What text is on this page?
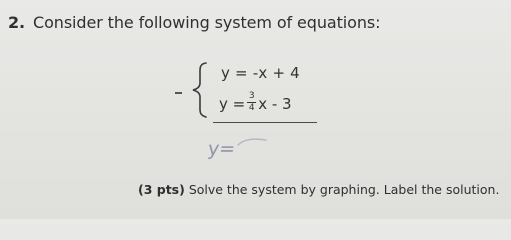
2. Consider the following system of equations:
y = -x + 4
$y = \frac{3}{4}$ x - 3
y=
(3 pts) Solve the system by graphing. Label the solution.
